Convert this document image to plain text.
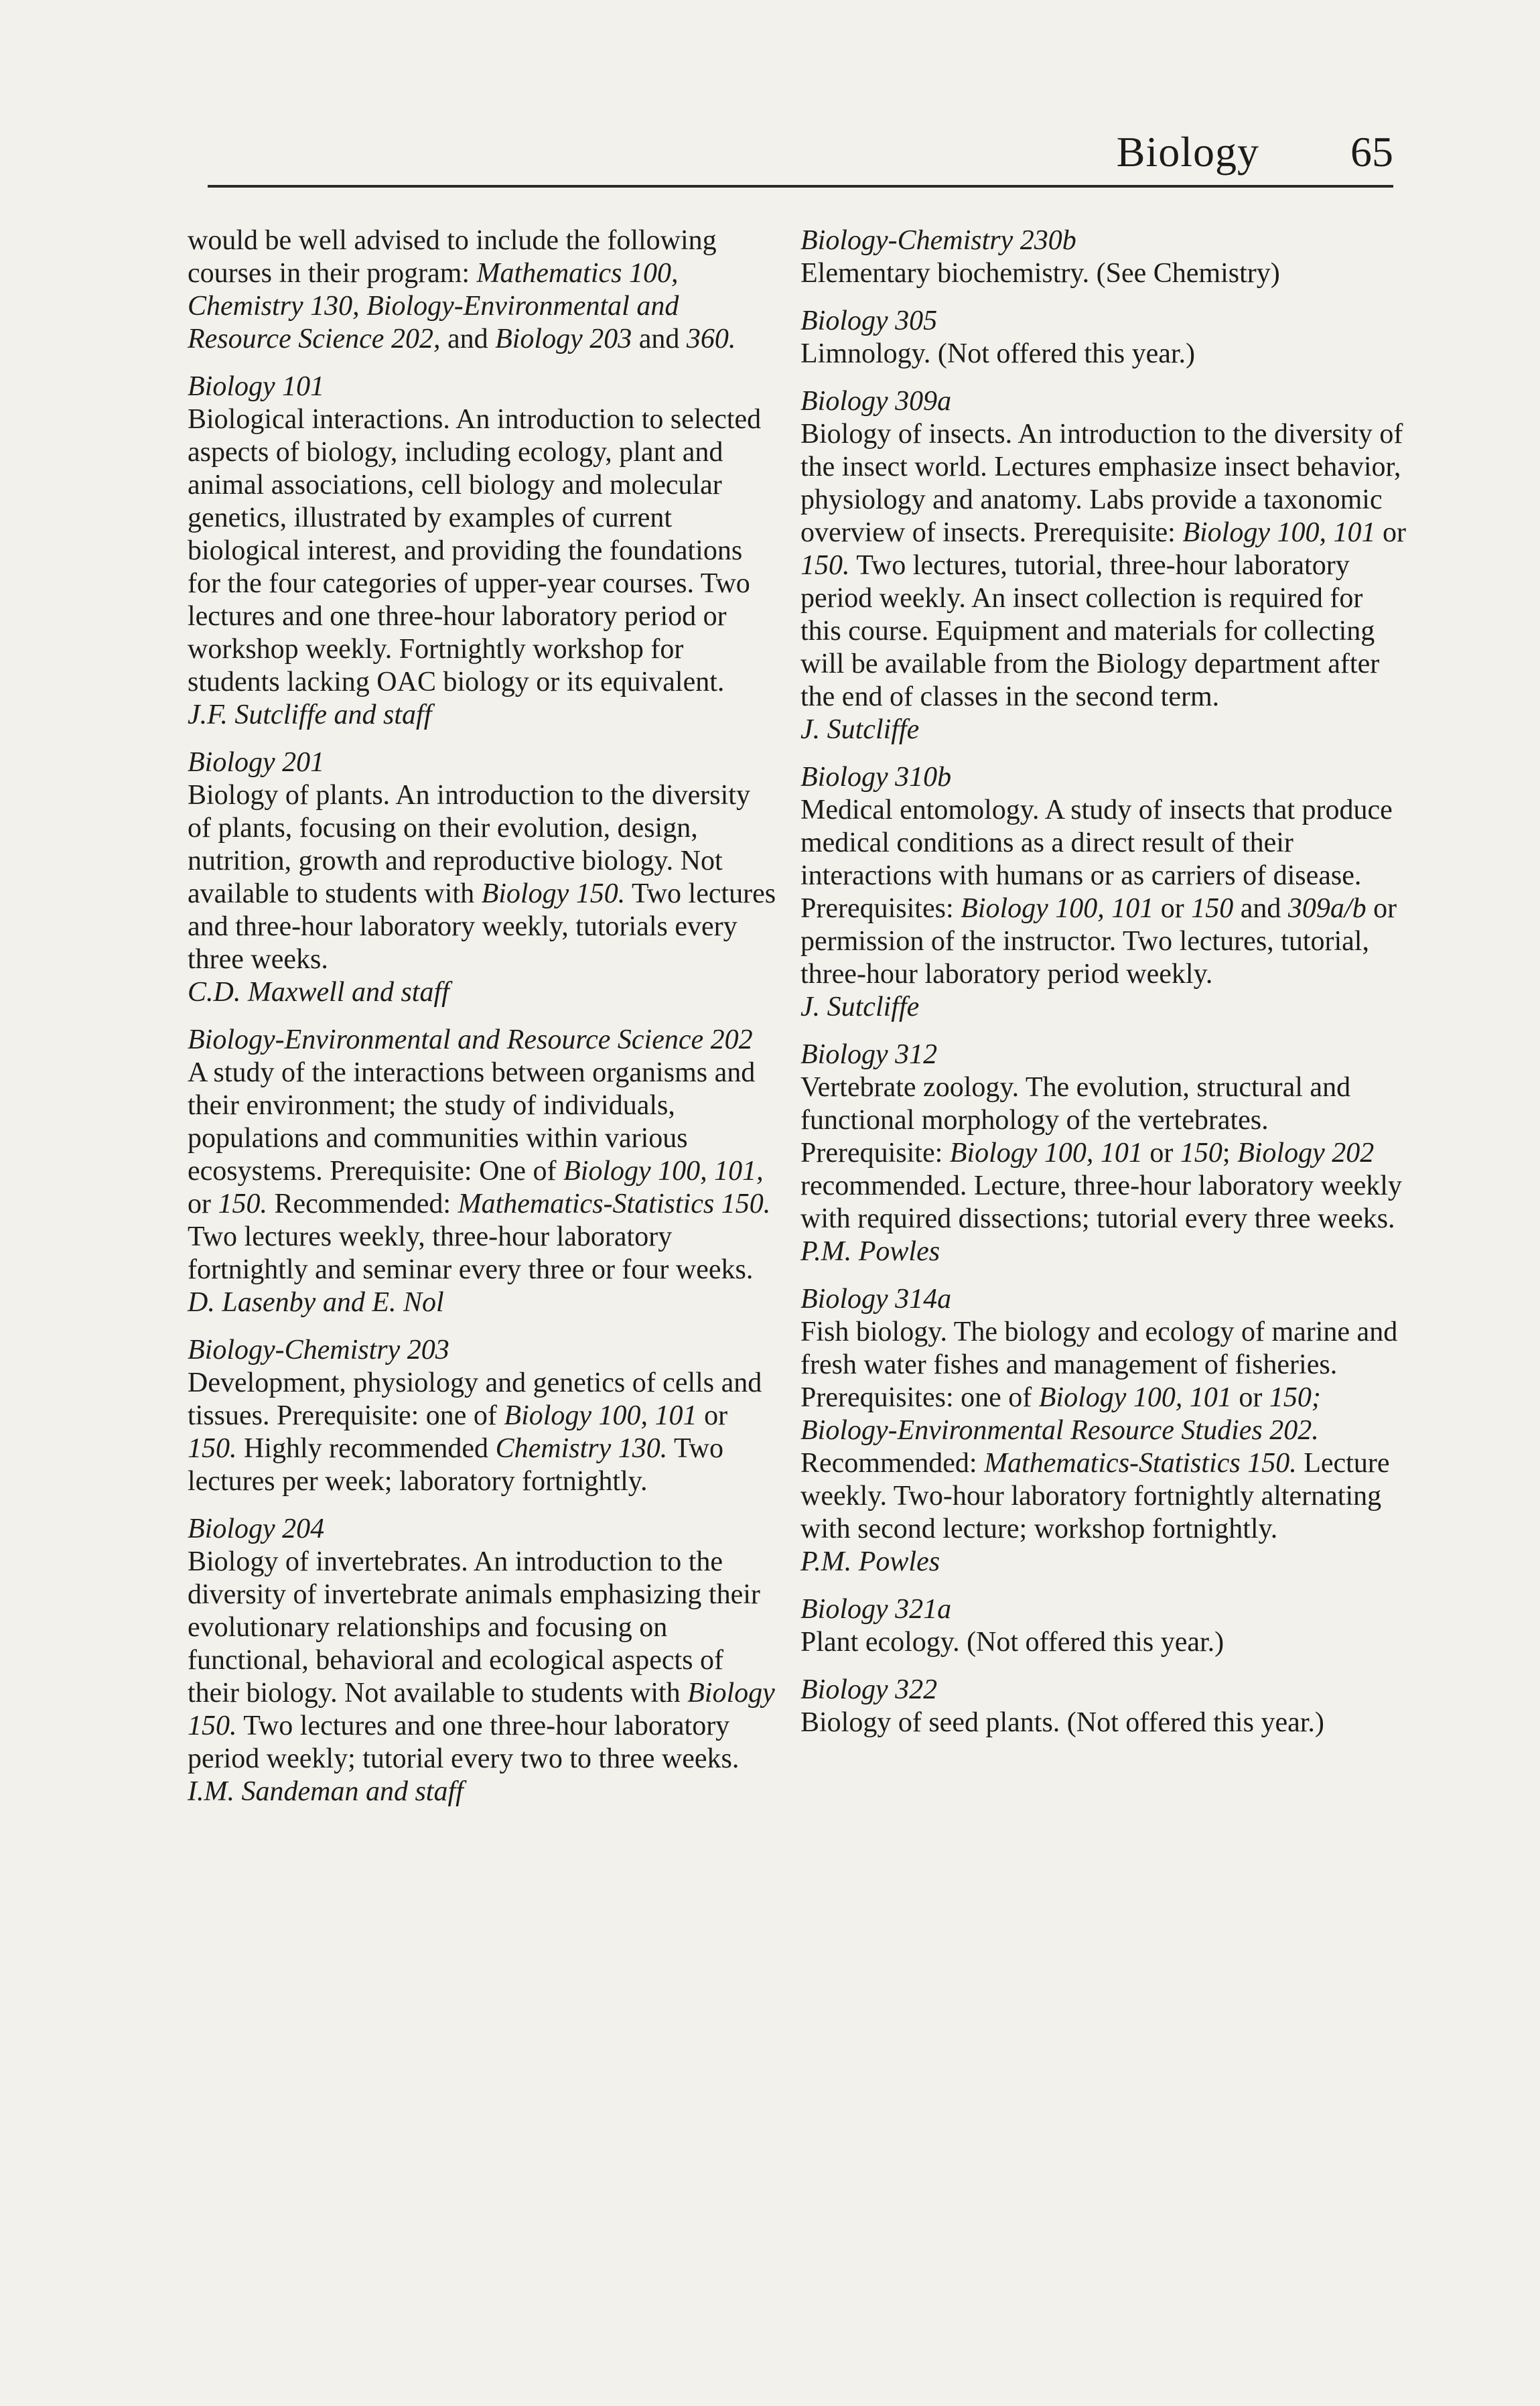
Biology 65
would be well advised to include the following courses in their program: Mathematics 100, Chemistry 130, Biology-Environmental and Resource Science 202, and Biology 203 and 360.
Biology 101
Biological interactions. An introduction to selected aspects of biology, including ecology, plant and animal associations, cell biology and molecular genetics, illustrated by examples of current biological interest, and providing the foundations for the four categories of upper-year courses. Two lectures and one three-hour laboratory period or workshop weekly. Fortnightly workshop for students lacking OAC biology or its equivalent.
J.F. Sutcliffe and staff
Biology 201
Biology of plants. An introduction to the diversity of plants, focusing on their evolution, design, nutrition, growth and reproductive biology. Not available to students with Biology 150. Two lectures and three-hour laboratory weekly, tutorials every three weeks.
C.D. Maxwell and staff
Biology-Environmental and Resource Science 202
A study of the interactions between organisms and their environment; the study of individuals, populations and communities within various ecosystems. Prerequisite: One of Biology 100, 101, or 150. Recommended: Mathematics-Statistics 150. Two lectures weekly, three-hour laboratory fortnightly and seminar every three or four weeks.
D. Lasenby and E. Nol
Biology-Chemistry 203
Development, physiology and genetics of cells and tissues. Prerequisite: one of Biology 100, 101 or 150. Highly recommended Chemistry 130. Two lectures per week; laboratory fortnightly.
Biology 204
Biology of invertebrates. An introduction to the diversity of invertebrate animals emphasizing their evolutionary relationships and focusing on functional, behavioral and ecological aspects of their biology. Not available to students with Biology 150. Two lectures and one three-hour laboratory period weekly; tutorial every two to three weeks.
I.M. Sandeman and staff
Biology-Chemistry 230b
Elementary biochemistry. (See Chemistry)
Biology 305
Limnology. (Not offered this year.)
Biology 309a
Biology of insects. An introduction to the diversity of the insect world. Lectures emphasize insect behavior, physiology and anatomy. Labs provide a taxonomic overview of insects. Prerequisite: Biology 100, 101 or 150. Two lectures, tutorial, three-hour laboratory period weekly. An insect collection is required for this course. Equipment and materials for collecting will be available from the Biology department after the end of classes in the second term.
J. Sutcliffe
Biology 310b
Medical entomology. A study of insects that produce medical conditions as a direct result of their interactions with humans or as carriers of disease. Prerequisites: Biology 100, 101 or 150 and 309a/b or permission of the instructor. Two lectures, tutorial, three-hour laboratory period weekly.
J. Sutcliffe
Biology 312
Vertebrate zoology. The evolution, structural and functional morphology of the vertebrates. Prerequisite: Biology 100, 101 or 150; Biology 202 recommended. Lecture, three-hour laboratory weekly with required dissections; tutorial every three weeks.
P.M. Powles
Biology 314a
Fish biology. The biology and ecology of marine and fresh water fishes and management of fisheries. Prerequisites: one of Biology 100, 101 or 150; Biology-Environmental Resource Studies 202. Recommended: Mathematics-Statistics 150. Lecture weekly. Two-hour laboratory fortnightly alternating with second lecture; workshop fortnightly.
P.M. Powles
Biology 321a
Plant ecology. (Not offered this year.)
Biology 322
Biology of seed plants. (Not offered this year.)
